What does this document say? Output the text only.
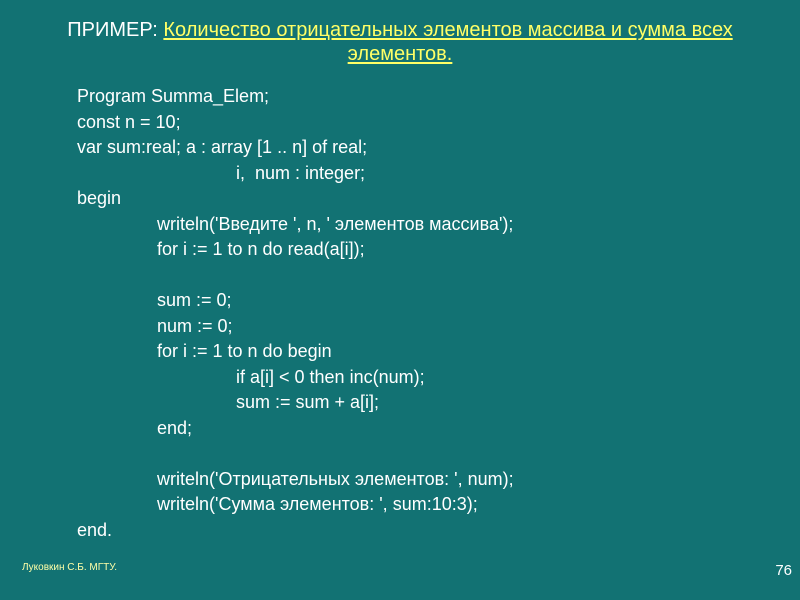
ПРИМЕР: Количество отрицательных элементов массива и сумма всех элементов.
Program Summa_Elem;
const n = 10;
var sum:real; a : array [1 .. n] of real;
i,  num : integer;
begin
writeln('Введите ', n, ' элементов массива');
for i := 1 to n do read(a[i]);
sum := 0;
num := 0;
for i := 1 to n do begin
if a[i] < 0 then inc(num);
sum := sum + a[i];
end;
writeln('Отрицательных элементов: ', num);
writeln('Сумма элементов: ', sum:10:3);
end.
Луковкин С.Б. МГТУ.	76
